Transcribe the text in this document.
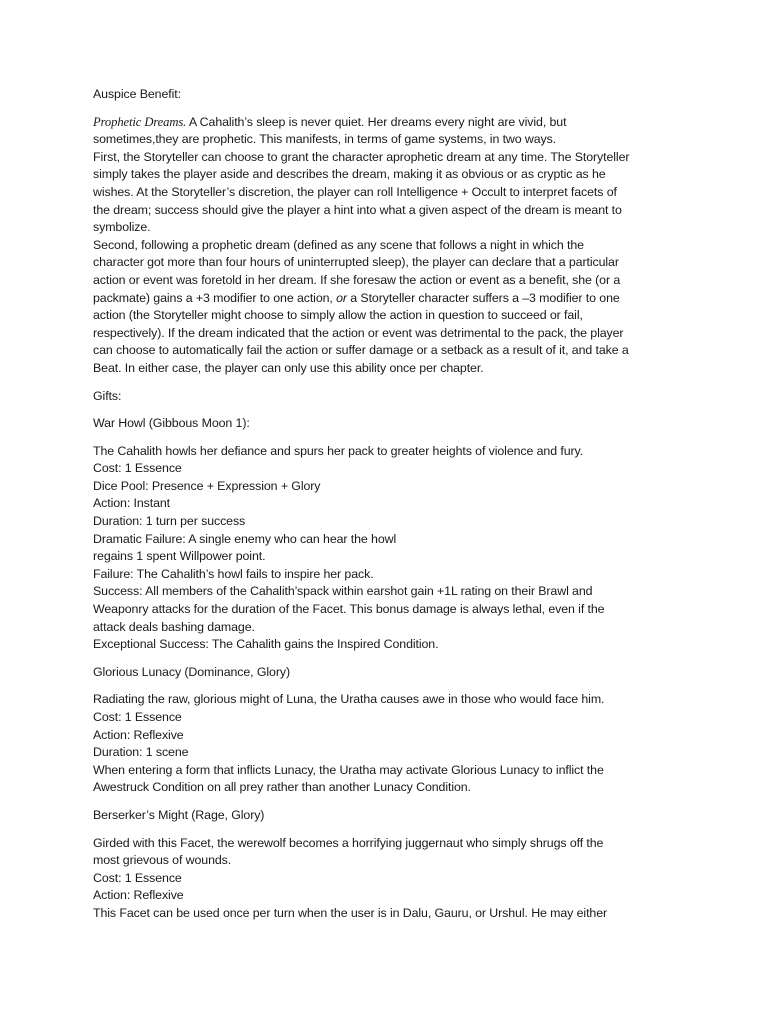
Auspice Benefit:
Prophetic Dreams. A Cahalith’s sleep is never quiet. Her dreams every night are vivid, but
sometimes,they are prophetic. This manifests, in terms of game systems, in two ways.
First, the Storyteller can choose to grant the character aprophetic dream at any time. The Storyteller
simply takes the player aside and describes the dream, making it as obvious or as cryptic as he
wishes. At the Storyteller’s discretion, the player can roll Intelligence + Occult to interpret facets of
the dream; success should give the player a hint into what a given aspect of the dream is meant to
symbolize.
Second, following a prophetic dream (defined as any scene that follows a night in which the
character got more than four hours of uninterrupted sleep), the player can declare that a particular
action or event was foretold in her dream. If she foresaw the action or event as a benefit, she (or a
packmate) gains a +3 modifier to one action, or a Storyteller character suffers a –3 modifier to one
action (the Storyteller might choose to simply allow the action in question to succeed or fail,
respectively). If the dream indicated that the action or event was detrimental to the pack, the player
can choose to automatically fail the action or suffer damage or a setback as a result of it, and take a
Beat. In either case, the player can only use this ability once per chapter.
Gifts:
War Howl (Gibbous Moon 1):
The Cahalith howls her defiance and spurs her pack to greater heights of violence and fury.
Cost: 1 Essence
Dice Pool: Presence + Expression + Glory
Action: Instant
Duration: 1 turn per success
Dramatic Failure: A single enemy who can hear the howl
regains 1 spent Willpower point.
Failure: The Cahalith’s howl fails to inspire her pack.
Success: All members of the Cahalith’spack within earshot gain +1L rating on their Brawl and
Weaponry attacks for the duration of the Facet. This bonus damage is always lethal, even if the
attack deals bashing damage.
Exceptional Success: The Cahalith gains the Inspired Condition.
Glorious Lunacy (Dominance, Glory)
Radiating the raw, glorious might of Luna, the Uratha causes awe in those who would face him.
Cost: 1 Essence
Action: Reflexive
Duration: 1 scene
When entering a form that inflicts Lunacy, the Uratha may activate Glorious Lunacy to inflict the
Awestruck Condition on all prey rather than another Lunacy Condition.
Berserker’s Might (Rage, Glory)
Girded with this Facet, the werewolf becomes a horrifying juggernaut who simply shrugs off the
most grievous of wounds.
Cost: 1 Essence
Action: Reflexive
This Facet can be used once per turn when the user is in Dalu, Gauru, or Urshul. He may either
